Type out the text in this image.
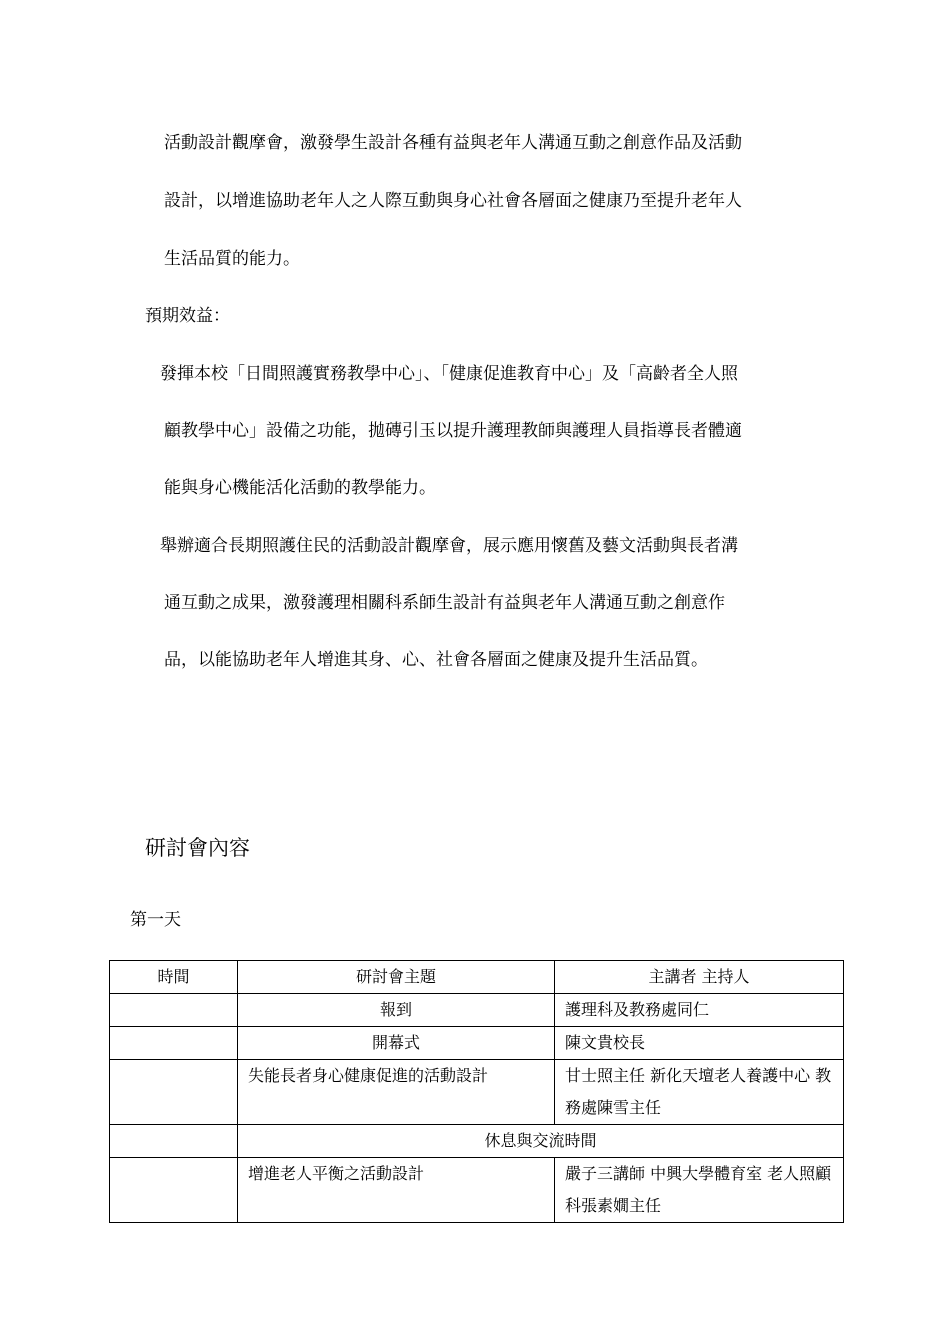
活動設計觀摩會，激發學生設計各種有益與老年人溝通互動之創意作品及活動
設計，以增進協助老年人之人際互動與身心社會各層面之健康乃至提升老年人
生活品質的能力。
預期效益：
發揮本校「日間照護實務教學中心」、「健康促進教育中心」及「高齡者全人照
顧教學中心」設備之功能，拋磚引玉以提升護理教師與護理人員指導長者體適
能與身心機能活化活動的教學能力。
舉辦適合長期照護住民的活動設計觀摩會，展示應用懷舊及藝文活動與長者溝
通互動之成果，激發護理相關科系師生設計有益與老年人溝通互動之創意作
品，以能協助老年人增進其身、心、社會各層面之健康及提升生活品質。
研討會內容
第一天
時間	研討會主題	主講者 主持人
	報到	護理科及教務處同仁
	開幕式	陳文貴校長
	失能長者身心健康促進的活動設計	甘士照主任 新化天壇老人養護中心 教務處陳雪主任
	休息與交流時間	
	增進老人平衡之活動設計	嚴子三講師 中興大學體育室 老人照顧科張素嫺主任
